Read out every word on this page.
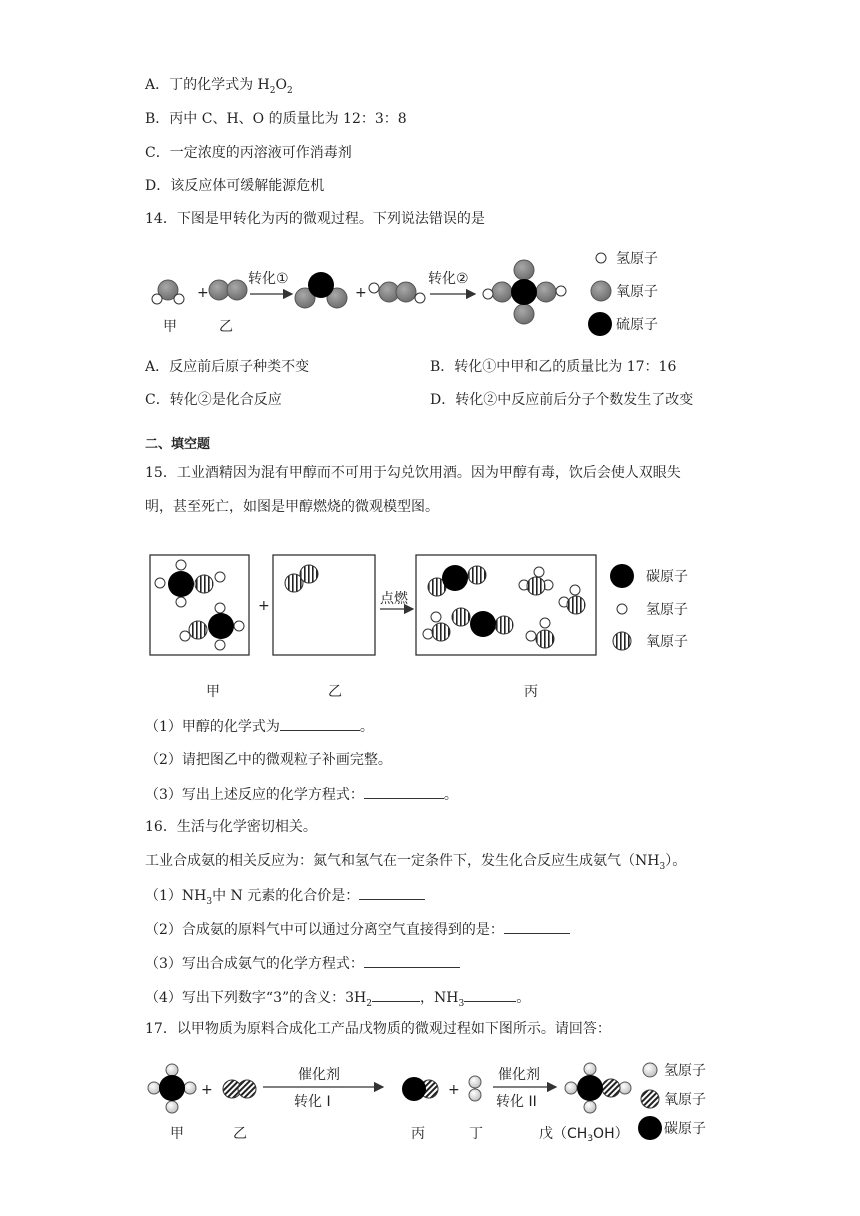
A．丁的化学式为 $H_2O_2$
B．丙中 C、H、O 的质量比为 12：3：8
C．一定浓度的丙溶液可作消毒剂
D．该反应体可缓解能源危机
14．下图是甲转化为丙的微观过程。下列说法错误的是
+
转化①
+
转化②
氢原子
氧原子
硫原子
甲	乙
A．反应前后原子种类不变	B．转化①中甲和乙的质量比为 17：16
C．转化②是化合反应	D．转化②中反应前后分子个数发生了改变
二、填空题
15．工业酒精因为混有甲醇而不可用于勾兑饮用酒。因为甲醇有毒，饮后会使人双眼失
明，甚至死亡，如图是甲醇燃烧的微观模型图。
+	点燃
碳原子
氢原子
氧原子
甲	乙	丙
（1）甲醇的化学式为	。
（2）请把图乙中的微观粒子补画完整。
（3）写出上述反应的化学方程式：	。
16．生活与化学密切相关。
工业合成氨的相关反应为：氮气和氢气在一定条件下，发生化合反应生成氨气$(NH_3)$。
$(1)NH_3$中 N 元素的化合价是：
（2）合成氨的原料气中可以通过分离空气直接得到的是：
（3）写出合成氨气的化学方程式：
（4）写出下列数字“3”的含义：$3H_2$	，$NH_3$	。
17．以甲物质为原料合成化工产品戊物质的微观过程如下图所示。请回答：
+
催化剂
转化 I
+
催化剂
转化 II
氢原子
氧原子
碳原子
甲	乙	丙	丁	戊$(CH_3OH)$
